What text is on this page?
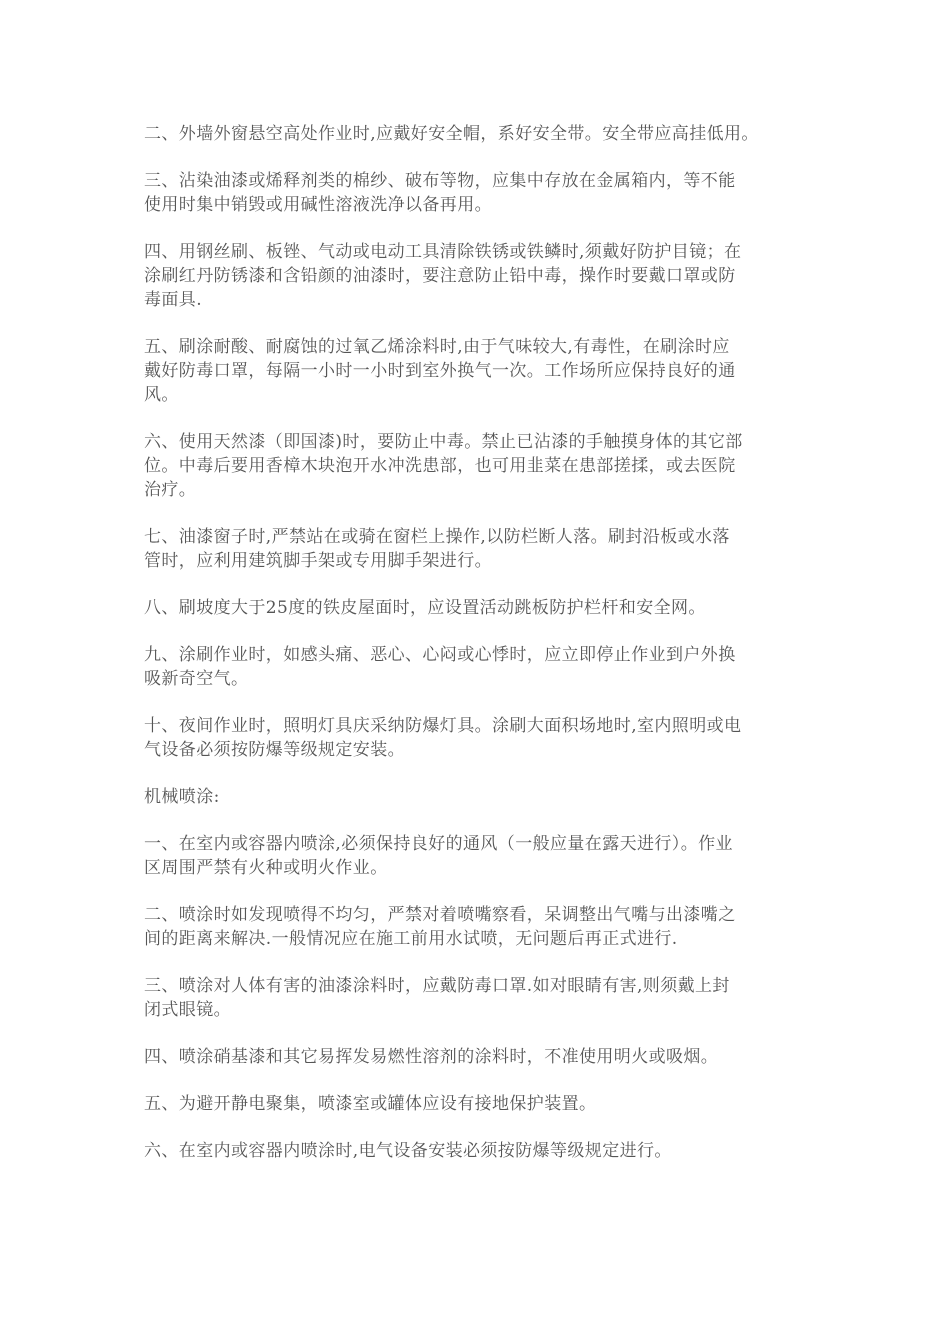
二、外墙外窗悬空高处作业时,应戴好安全帽，系好安全带。安全带应高挂低用。

三、沾染油漆或烯释剂类的棉纱、破布等物，应集中存放在金属箱内，等不能
使用时集中销毁或用碱性溶液洗净以备再用。

四、用钢丝刷、板锉、气动或电动工具清除铁锈或铁鳞时,须戴好防护目镜；在
涂刷红丹防锈漆和含铅颜的油漆时，要注意防止铅中毒，操作时要戴口罩或防
毒面具.

五、刷涂耐酸、耐腐蚀的过氧乙烯涂料时,由于气味较大,有毒性，在刷涂时应
戴好防毒口罩，每隔一小时一小时到室外换气一次。工作场所应保持良好的通
风。

六、使用天然漆（即国漆)时，要防止中毒。禁止已沾漆的手触摸身体的其它部
位。中毒后要用香樟木块泡开水冲洗患部，也可用韭菜在患部搓揉，或去医院
治疗。

七、油漆窗子时,严禁站在或骑在窗栏上操作,以防栏断人落。刷封沿板或水落
管时，应利用建筑脚手架或专用脚手架进行。

八、刷坡度大于25度的铁皮屋面时，应设置活动跳板防护栏杆和安全网。

九、涂刷作业时，如感头痛、恶心、心闷或心悸时，应立即停止作业到户外换
吸新奇空气。

十、夜间作业时，照明灯具庆采纳防爆灯具。涂刷大面积场地时,室内照明或电
气设备必须按防爆等级规定安装。

机械喷涂:

一、在室内或容器内喷涂,必须保持良好的通风（一般应量在露天进行）。作业
区周围严禁有火种或明火作业。

二、喷涂时如发现喷得不均匀，严禁对着喷嘴察看，呆调整出气嘴与出漆嘴之
间的距离来解决.一般情况应在施工前用水试喷，无问题后再正式进行.

三、喷涂对人体有害的油漆涂料时，应戴防毒口罩.如对眼睛有害,则须戴上封
闭式眼镜。

四、喷涂硝基漆和其它易挥发易燃性溶剂的涂料时，不准使用明火或吸烟。

五、为避开静电聚集，喷漆室或罐体应设有接地保护装置。

六、在室内或容器内喷涂时,电气设备安装必须按防爆等级规定进行。
